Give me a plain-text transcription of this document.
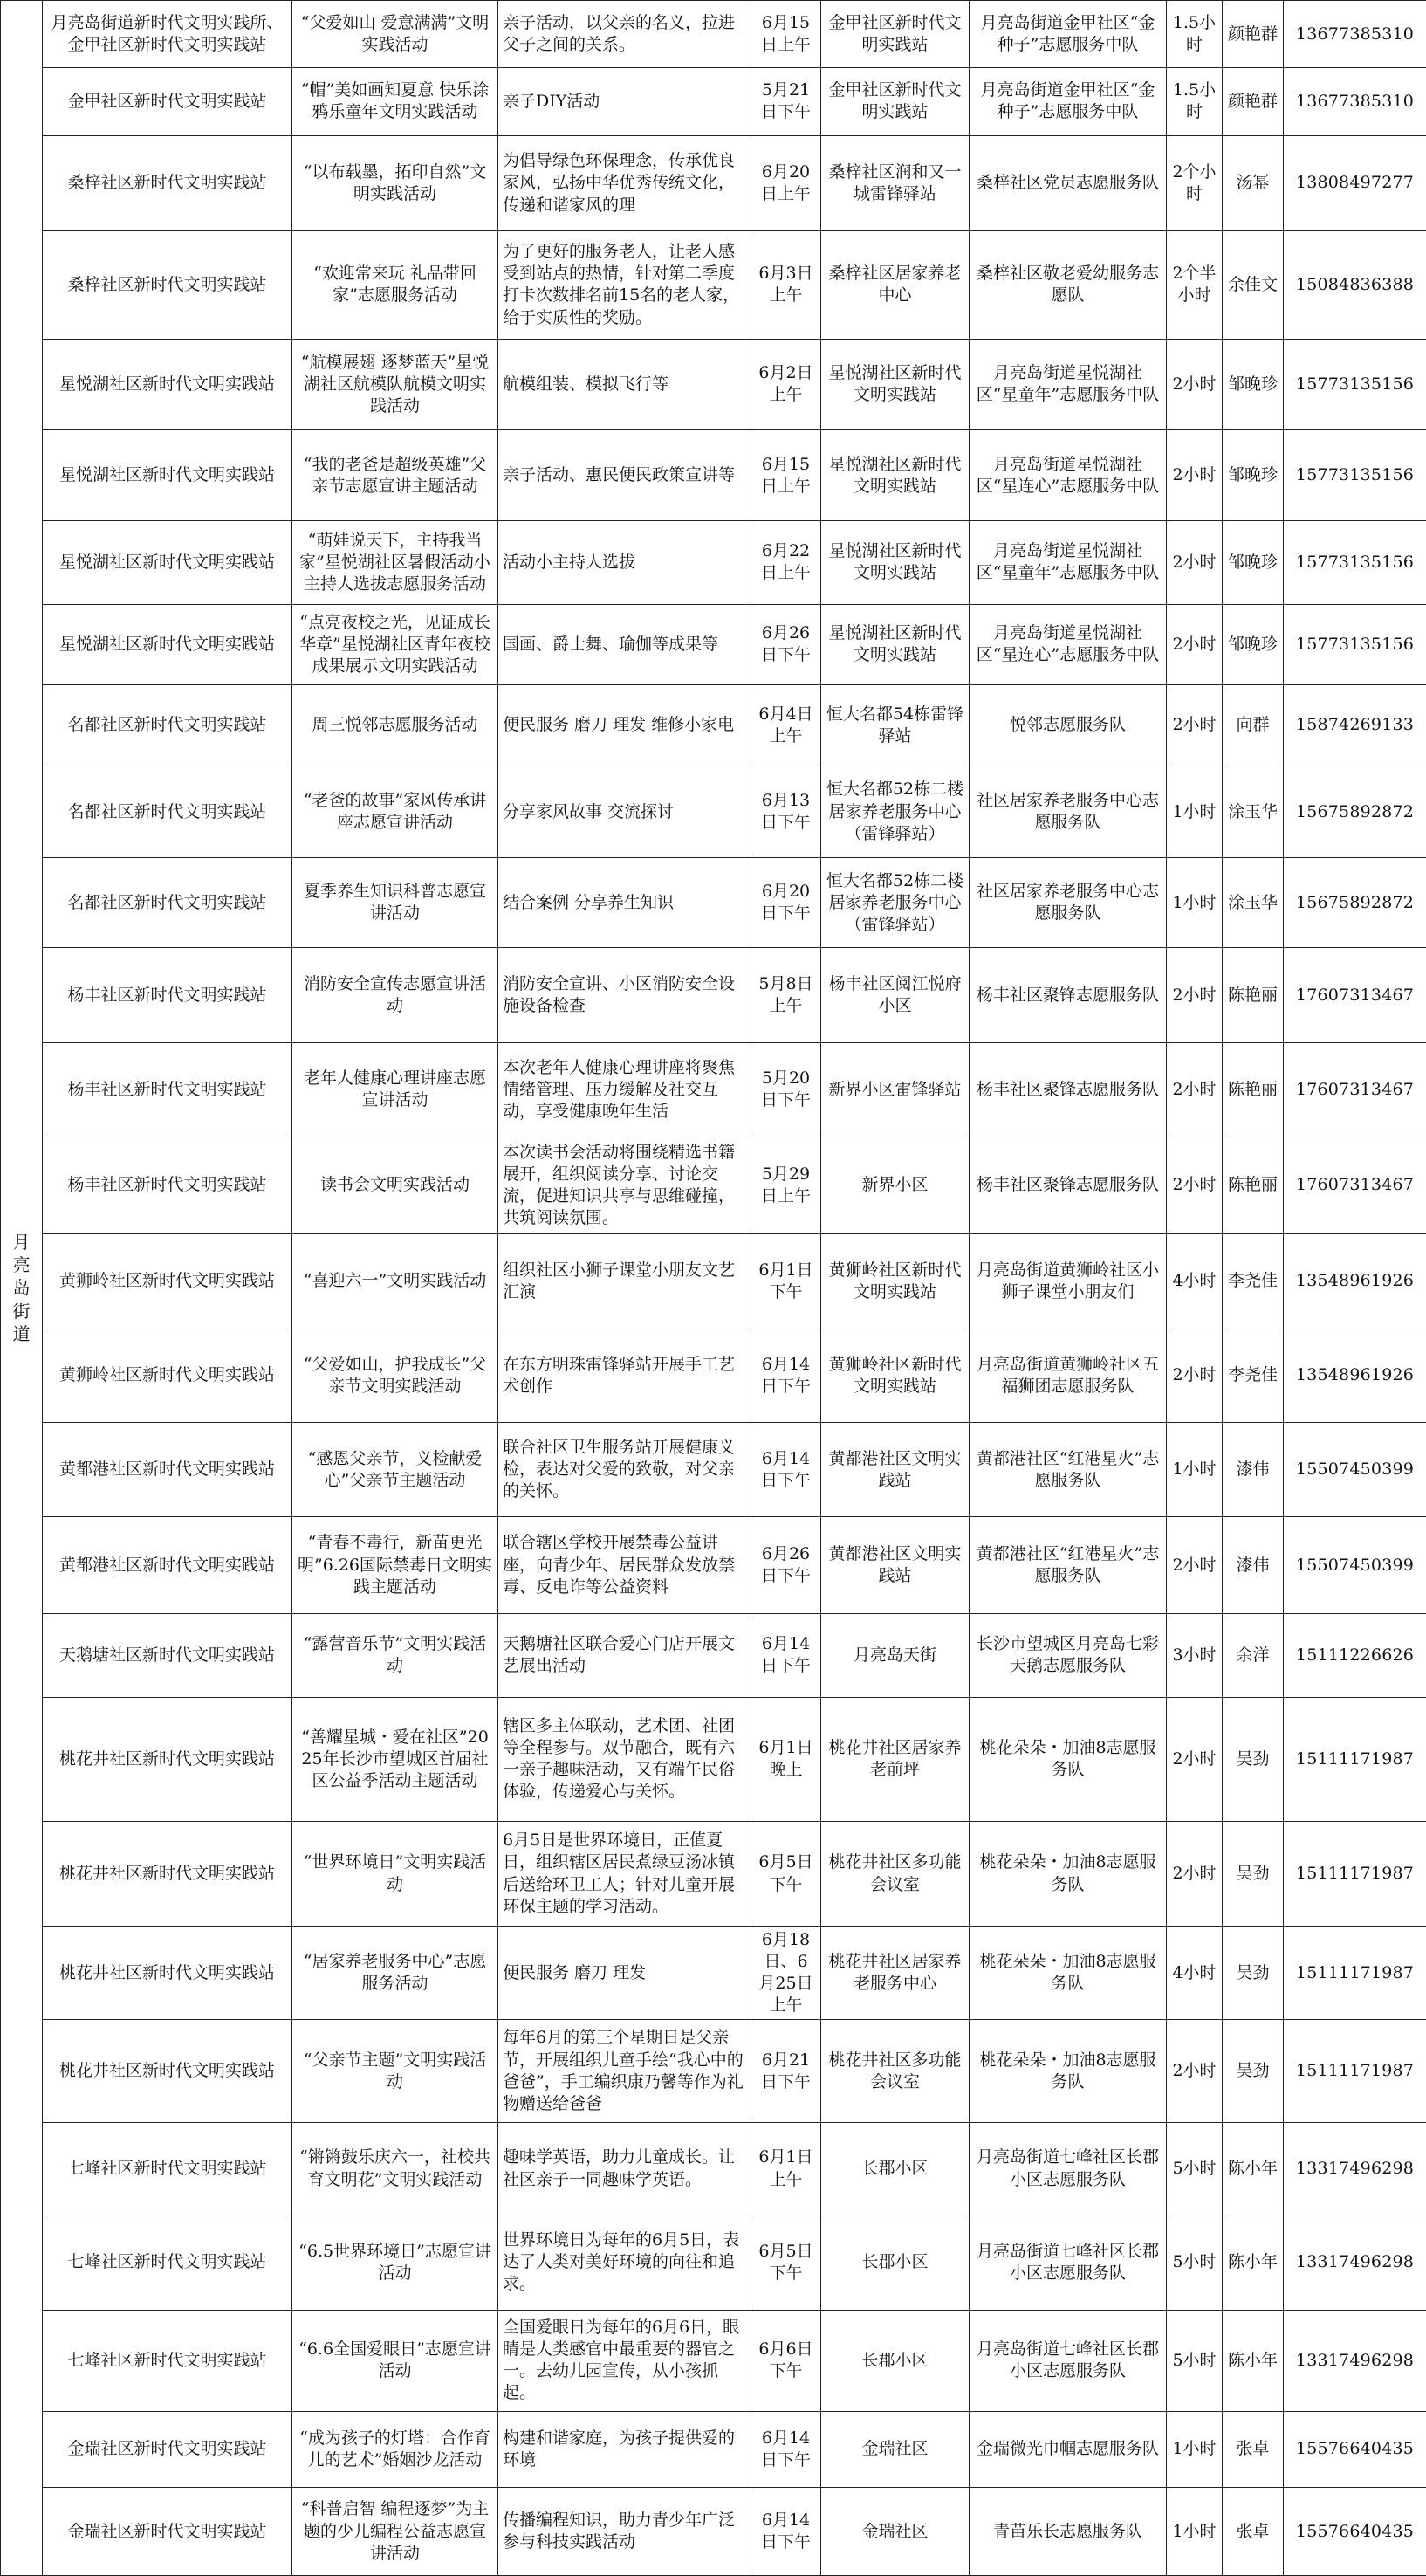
月亮岛街道	月亮岛街道新时代文明实践所、金甲社区新时代文明实践站	“父爱如山 爱意满满”文明实践活动	亲子活动，以父亲的名义，拉进父子之间的关系。	6月15日上午	金甲社区新时代文明实践站	月亮岛街道金甲社区“金种子”志愿服务中队	1.5小时	颜艳群	13677385310
	金甲社区新时代文明实践站	“帽”美如画知夏意 快乐涂鸦乐童年文明实践活动	亲子DIY活动	5月21日下午	金甲社区新时代文明实践站	月亮岛街道金甲社区“金种子”志愿服务中队	1.5小时	颜艳群	13677385310
	桑梓社区新时代文明实践站	“以布载墨，拓印自然”文明实践活动	为倡导绿色环保理念，传承优良家风，弘扬中华优秀传统文化，传递和谐家风的理	6月20日上午	桑梓社区润和又一城雷锋驿站	桑梓社区党员志愿服务队	2个小时	汤幂	13808497277
	桑梓社区新时代文明实践站	“欢迎常来玩 礼品带回家”志愿服务活动	为了更好的服务老人，让老人感受到站点的热情，针对第二季度打卡次数排名前15名的老人家，给于实质性的奖励。	6月3日上午	桑梓社区居家养老中心	桑梓社区敬老爱幼服务志愿队	2个半小时	余佳文	15084836388
	星悦湖社区新时代文明实践站	“航模展翅 逐梦蓝天”星悦湖社区航模队航模文明实践活动	航模组装、模拟飞行等	6月2日上午	星悦湖社区新时代文明实践站	月亮岛街道星悦湖社区“星童年”志愿服务中队	2小时	邹晚珍	15773135156
	星悦湖社区新时代文明实践站	“我的老爸是超级英雄”父亲节志愿宣讲主题活动	亲子活动、惠民便民政策宣讲等	6月15日上午	星悦湖社区新时代文明实践站	月亮岛街道星悦湖社区“星连心”志愿服务中队	2小时	邹晚珍	15773135156
	星悦湖社区新时代文明实践站	“萌娃说天下，主持我当家”星悦湖社区暑假活动小主持人选拔志愿服务活动	活动小主持人选拔	6月22日上午	星悦湖社区新时代文明实践站	月亮岛街道星悦湖社区“星童年”志愿服务中队	2小时	邹晚珍	15773135156
	星悦湖社区新时代文明实践站	“点亮夜校之光，见证成长华章”星悦湖社区青年夜校成果展示文明实践活动	国画、爵士舞、瑜伽等成果等	6月26日下午	星悦湖社区新时代文明实践站	月亮岛街道星悦湖社区“星连心”志愿服务中队	2小时	邹晚珍	15773135156
	名都社区新时代文明实践站	周三悦邻志愿服务活动	便民服务 磨刀 理发 维修小家电	6月4日上午	恒大名都54栋雷锋驿站	悦邻志愿服务队	2小时	向群	15874269133
	名都社区新时代文明实践站	“老爸的故事”家风传承讲座志愿宣讲活动	分享家风故事 交流探讨	6月13日下午	恒大名都52栋二楼居家养老服务中心（雷锋驿站）	社区居家养老服务中心志愿服务队	1小时	涂玉华	15675892872
	名都社区新时代文明实践站	夏季养生知识科普志愿宣讲活动	结合案例 分享养生知识	6月20日下午	恒大名都52栋二楼居家养老服务中心（雷锋驿站）	社区居家养老服务中心志愿服务队	1小时	涂玉华	15675892872
	杨丰社区新时代文明实践站	消防安全宣传志愿宣讲活动	消防安全宣讲、小区消防安全设施设备检查	5月8日上午	杨丰社区阅江悦府小区	杨丰社区聚锋志愿服务队	2小时	陈艳丽	17607313467
	杨丰社区新时代文明实践站	老年人健康心理讲座志愿宣讲活动	本次老年人健康心理讲座将聚焦情绪管理、压力缓解及社交互动，享受健康晚年生活	5月20日下午	新界小区雷锋驿站	杨丰社区聚锋志愿服务队	2小时	陈艳丽	17607313467
	杨丰社区新时代文明实践站	读书会文明实践活动	本次读书会活动将围绕精选书籍展开，组织阅读分享、讨论交流，促进知识共享与思维碰撞，共筑阅读氛围。	5月29日上午	新界小区	杨丰社区聚锋志愿服务队	2小时	陈艳丽	17607313467
	黄狮岭社区新时代文明实践站	“喜迎六一”文明实践活动	组织社区小狮子课堂小朋友文艺汇演	6月1日下午	黄狮岭社区新时代文明实践站	月亮岛街道黄狮岭社区小狮子课堂小朋友们	4小时	李尧佳	13548961926
	黄狮岭社区新时代文明实践站	“父爱如山，护我成长”父亲节文明实践活动	在东方明珠雷锋驿站开展手工艺术创作	6月14日下午	黄狮岭社区新时代文明实践站	月亮岛街道黄狮岭社区五福狮团志愿服务队	2小时	李尧佳	13548961926
	黄都港社区新时代文明实践站	“感恩父亲节，义检献爱心”父亲节主题活动	联合社区卫生服务站开展健康义检，表达对父爱的致敬，对父亲的关怀。	6月14日下午	黄都港社区文明实践站	黄都港社区“红港星火”志愿服务队	1小时	漆伟	15507450399
	黄都港社区新时代文明实践站	“青春不毒行，新苗更光明”6.26国际禁毒日文明实践主题活动	联合辖区学校开展禁毒公益讲座，向青少年、居民群众发放禁毒、反电诈等公益资料	6月26日下午	黄都港社区文明实践站	黄都港社区“红港星火”志愿服务队	2小时	漆伟	15507450399
	天鹅塘社区新时代文明实践站	“露营音乐节”文明实践活动	天鹅塘社区联合爱心门店开展文艺展出活动	6月14日下午	月亮岛天街	长沙市望城区月亮岛七彩天鹅志愿服务队	3小时	余洋	15111226626
	桃花井社区新时代文明实践站	“善耀星城・爱在社区”2025年长沙市望城区首届社区公益季活动主题活动	辖区多主体联动，艺术团、社团等全程参与。双节融合，既有六一亲子趣味活动，又有端午民俗体验，传递爱心与关怀。	6月1日晚上	桃花井社区居家养老前坪	桃花朵朵・加油8志愿服务队	2小时	吴劲	15111171987
	桃花井社区新时代文明实践站	“世界环境日”文明实践活动	6月5日是世界环境日，正值夏日，组织辖区居民煮绿豆汤冰镇后送给环卫工人；针对儿童开展环保主题的学习活动。	6月5日下午	桃花井社区多功能会议室	桃花朵朵・加油8志愿服务队	2小时	吴劲	15111171987
	桃花井社区新时代文明实践站	“居家养老服务中心”志愿服务活动	便民服务 磨刀 理发	6月18日、6月25日上午	桃花井社区居家养老服务中心	桃花朵朵・加油8志愿服务队	4小时	吴劲	15111171987
	桃花井社区新时代文明实践站	“父亲节主题”文明实践活动	每年6月的第三个星期日是父亲节，开展组织儿童手绘“我心中的爸爸”，手工编织康乃馨等作为礼物赠送给爸爸	6月21日下午	桃花井社区多功能会议室	桃花朵朵・加油8志愿服务队	2小时	吴劲	15111171987
	七峰社区新时代文明实践站	“锵锵鼓乐庆六一，社校共育文明花”文明实践活动	趣味学英语，助力儿童成长。让社区亲子一同趣味学英语。	6月1日上午	长郡小区	月亮岛街道七峰社区长郡小区志愿服务队	5小时	陈小年	13317496298
	七峰社区新时代文明实践站	“6.5世界环境日”志愿宣讲活动	世界环境日为每年的6月5日，表达了人类对美好环境的向往和追求。	6月5日下午	长郡小区	月亮岛街道七峰社区长郡小区志愿服务队	5小时	陈小年	13317496298
	七峰社区新时代文明实践站	“6.6全国爱眼日”志愿宣讲活动	全国爱眼日为每年的6月6日，眼睛是人类感官中最重要的器官之一。去幼儿园宣传，从小孩抓起。	6月6日下午	长郡小区	月亮岛街道七峰社区长郡小区志愿服务队	5小时	陈小年	13317496298
	金瑞社区新时代文明实践站	“成为孩子的灯塔：合作育儿的艺术”婚姻沙龙活动	构建和谐家庭，为孩子提供爱的环境	6月14日下午	金瑞社区	金瑞微光巾帼志愿服务队	1小时	张卓	15576640435
	金瑞社区新时代文明实践站	“科普启智 编程逐梦”为主题的少儿编程公益志愿宣讲活动	传播编程知识，助力青少年广泛参与科技实践活动	6月14日下午	金瑞社区	青苗乐长志愿服务队	1小时	张卓	15576640435
